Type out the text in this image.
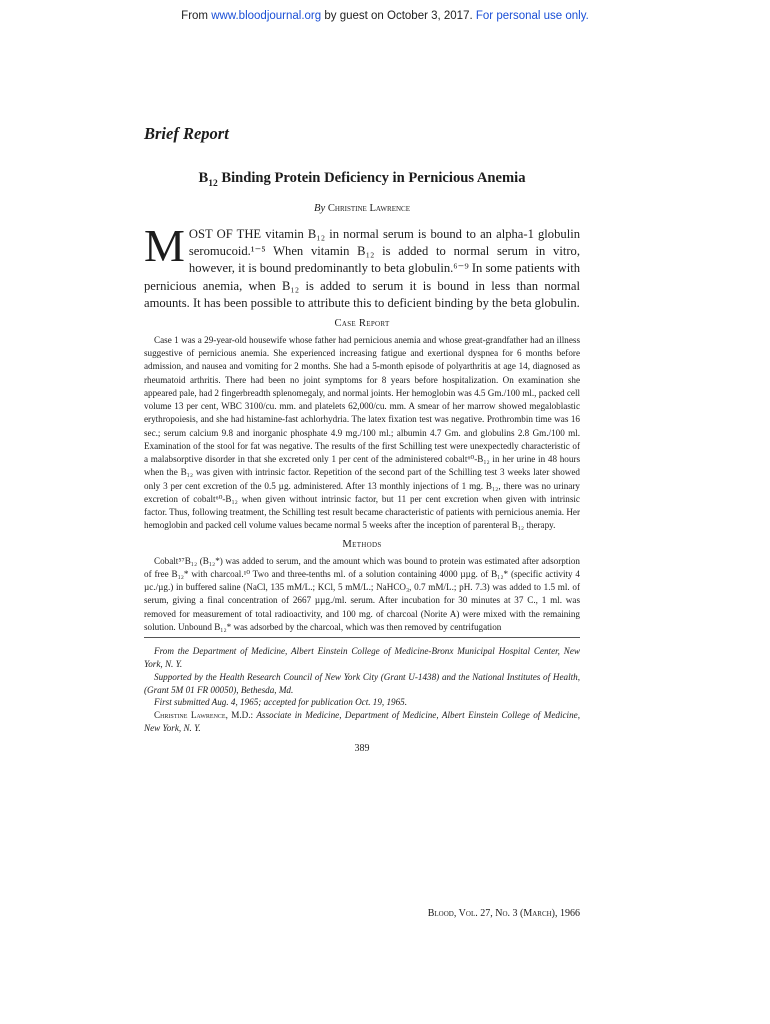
From www.bloodjournal.org by guest on October 3, 2017. For personal use only.
Brief Report
$B_{12}$ Binding Protein Deficiency in Pernicious Anemia
By Christine Lawrence

MOST OF THE vitamin B₁₂ in normal serum is bound to an alpha-1 globulin seromucoid.¹⁻⁵ When vitamin B₁₂ is added to normal serum in vitro, however, it is bound predominantly to beta globulin.⁶⁻⁹ In some patients with pernicious anemia, when B₁₂ is added to serum it is bound in less than normal amounts. It has been possible to attribute this to deficient binding by the beta globulin.

Case Report

Case 1 was a 29-year-old housewife whose father had pernicious anemia and whose great-grandfather had an illness suggestive of pernicious anemia. She experienced increasing fatigue and exertional dyspnea for 6 months before admission, and nausea and vomiting for 2 months. She had a 5-month episode of polyarthritis at age 14, diagnosed as rheumatoid arthritis. There had been no joint symptoms for 8 years before hospitalization. On examination she appeared pale, had 2 fingerbreadth splenomegaly, and normal joints. Her hemoglobin was 4.5 Gm./100 ml., packed cell volume 13 per cent, WBC 3100/cu. mm. and platelets 62,000/cu. mm. A smear of her marrow showed megaloblastic erythropoiesis, and she had histamine-fast achlorhydria. The latex fixation test was negative. Prothrombin time was 16 sec.; serum calcium 9.8 and inorganic phosphate 4.9 mg./100 ml.; albumin 4.7 Gm. and globulins 2.8 Gm./100 ml. Examination of the stool for fat was negative. The results of the first Schilling test were unexpectedly characteristic of a malabsorptive disorder in that she excreted only 1 per cent of the administered cobalt⁶⁰-B₁₂ in her urine in 48 hours when the B₁₂ was given with intrinsic factor. Repetition of the second part of the Schilling test 3 weeks later showed only 3 per cent excretion of the 0.5 µg. administered. After 13 monthly injections of 1 mg. B₁₂, there was no urinary excretion of cobalt⁶⁰-B₁₂ when given without intrinsic factor, but 11 per cent excretion when given with intrinsic factor. Thus, following treatment, the Schilling test result became characteristic of patients with pernicious anemia. Her hemoglobin and packed cell volume values became normal 5 weeks after the inception of parenteral B₁₂ therapy.

Methods

Cobalt⁵⁷B₁₂ (B₁₂*) was added to serum, and the amount which was bound to protein was estimated after adsorption of free B₁₂* with charcoal.¹⁰ Two and three-tenths ml. of a solution containing 4000 µµg. of B₁₂* (specific activity 4 µc./µg.) in buffered saline (NaCl, 135 mM/L.; KCl, 5 mM/L.; NaHCO₃, 0.7 mM/L.; pH. 7.3) was added to 1.5 ml. of serum, giving a final concentration of 2667 µµg./ml. serum. After incubation for 30 minutes at 37 C., 1 ml. was removed for measurement of total radioactivity, and 100 mg. of charcoal (Norite A) were mixed with the remaining solution. Unbound B₁₂* was adsorbed by the charcoal, which was then removed by centrifugation

From the Department of Medicine, Albert Einstein College of Medicine-Bronx Municipal Hospital Center, New York, N. Y.

Supported by the Health Research Council of New York City (Grant U-1438) and the National Institutes of Health, (Grant 5M 01 FR 00050), Bethesda, Md.

First submitted Aug. 4, 1965; accepted for publication Oct. 19, 1965.

Christine Lawrence, M.D.: Associate in Medicine, Department of Medicine, Albert Einstein College of Medicine, New York, N. Y.

389
Blood, Vol. 27, No. 3 (March), 1966
